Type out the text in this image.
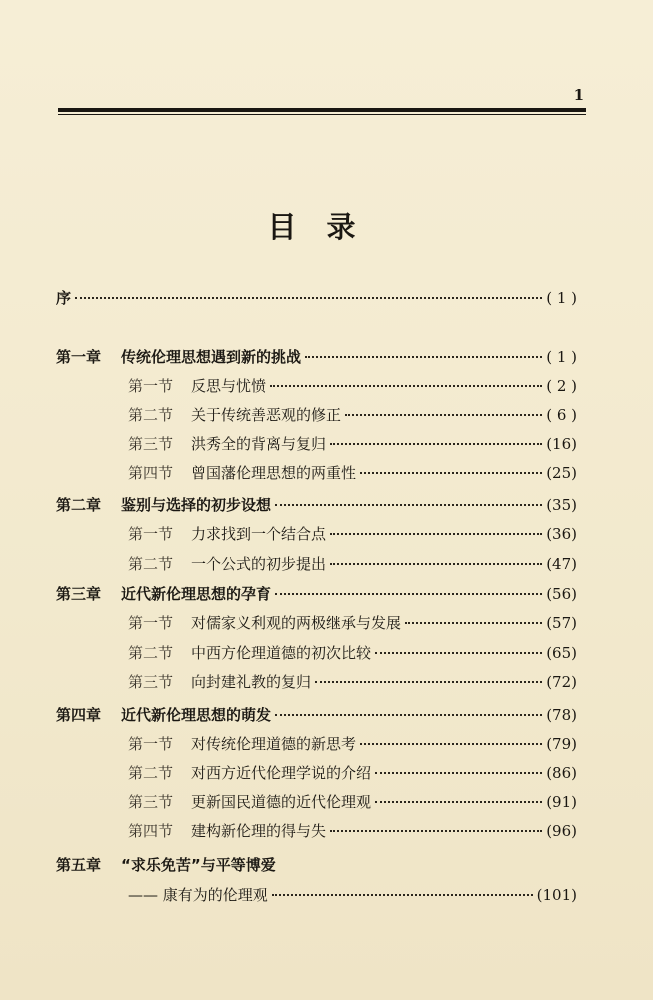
1
目录
序	( 1 )
第一章 传统伦理思想遇到新的挑战	( 1 )
第一节 反思与忧愤	( 2 )
第二节 关于传统善恶观的修正	( 6 )
第三节 洪秀全的背离与复归	(16)
第四节 曾国藩伦理思想的两重性	(25)
第二章 鉴别与选择的初步设想	(35)
第一节 力求找到一个结合点	(36)
第二节 一个公式的初步提出	(47)
第三章 近代新伦理思想的孕育	(56)
第一节 对儒家义利观的两极继承与发展	(57)
第二节 中西方伦理道德的初次比较	(65)
第三节 向封建礼教的复归	(72)
第四章 近代新伦理思想的萌发	(78)
第一节 对传统伦理道德的新思考	(79)
第二节 对西方近代伦理学说的介绍	(86)
第三节 更新国民道德的近代伦理观	(91)
第四节 建构新伦理的得与失	(96)
第五章 “求乐免苦”与平等博爱
—— 康有为的伦理观	(101)
